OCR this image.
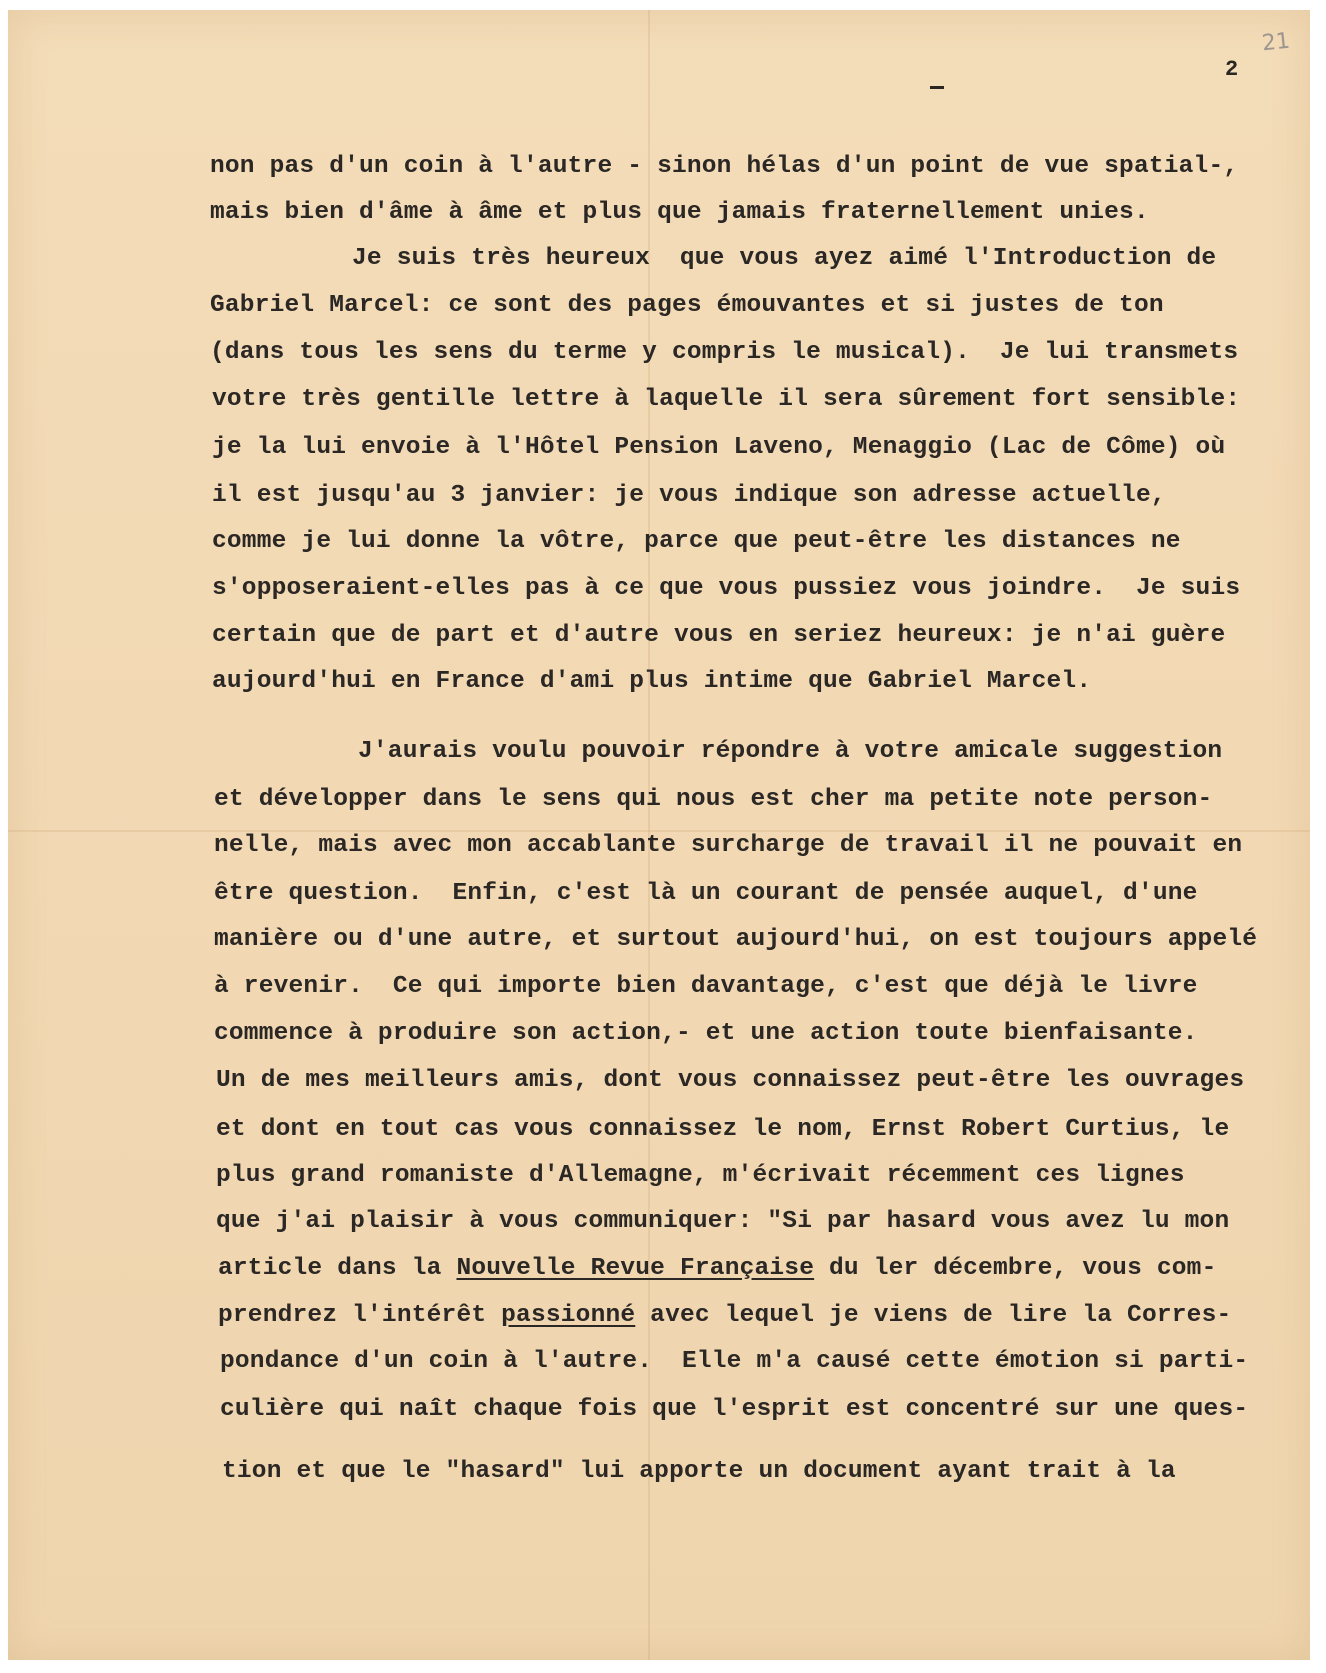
21
2
non pas d'un coin à l'autre - sinon hélas d'un point de vue spatial-,
mais bien d'âme à âme et plus que jamais fraternellement unies.
Je suis très heureux  que vous ayez aimé l'Introduction de
Gabriel Marcel: ce sont des pages émouvantes et si justes de ton
(dans tous les sens du terme y compris le musical).  Je lui transmets
votre très gentille lettre à laquelle il sera sûrement fort sensible:
je la lui envoie à l'Hôtel Pension Laveno, Menaggio (Lac de Côme) où
il est jusqu'au 3 janvier: je vous indique son adresse actuelle,
comme je lui donne la vôtre, parce que peut-être les distances ne
s'opposeraient-elles pas à ce que vous pussiez vous joindre.  Je suis
certain que de part et d'autre vous en seriez heureux: je n'ai guère
aujourd'hui en France d'ami plus intime que Gabriel Marcel.
J'aurais voulu pouvoir répondre à votre amicale suggestion
et développer dans le sens qui nous est cher ma petite note person-
nelle, mais avec mon accablante surcharge de travail il ne pouvait en
être question.  Enfin, c'est là un courant de pensée auquel, d'une
manière ou d'une autre, et surtout aujourd'hui, on est toujours appelé
à revenir.  Ce qui importe bien davantage, c'est que déjà le livre
commence à produire son action,- et une action toute bienfaisante.
Un de mes meilleurs amis, dont vous connaissez peut-être les ouvrages
et dont en tout cas vous connaissez le nom, Ernst Robert Curtius, le
plus grand romaniste d'Allemagne, m'écrivait récemment ces lignes
que j'ai plaisir à vous communiquer: "Si par hasard vous avez lu mon
article dans la Nouvelle Revue Française du ler décembre, vous com-
prendrez l'intérêt passionné avec lequel je viens de lire la Corres-
pondance d'un coin à l'autre.  Elle m'a causé cette émotion si parti-
culière qui naît chaque fois que l'esprit est concentré sur une ques-
tion et que le "hasard" lui apporte un document ayant trait à la
